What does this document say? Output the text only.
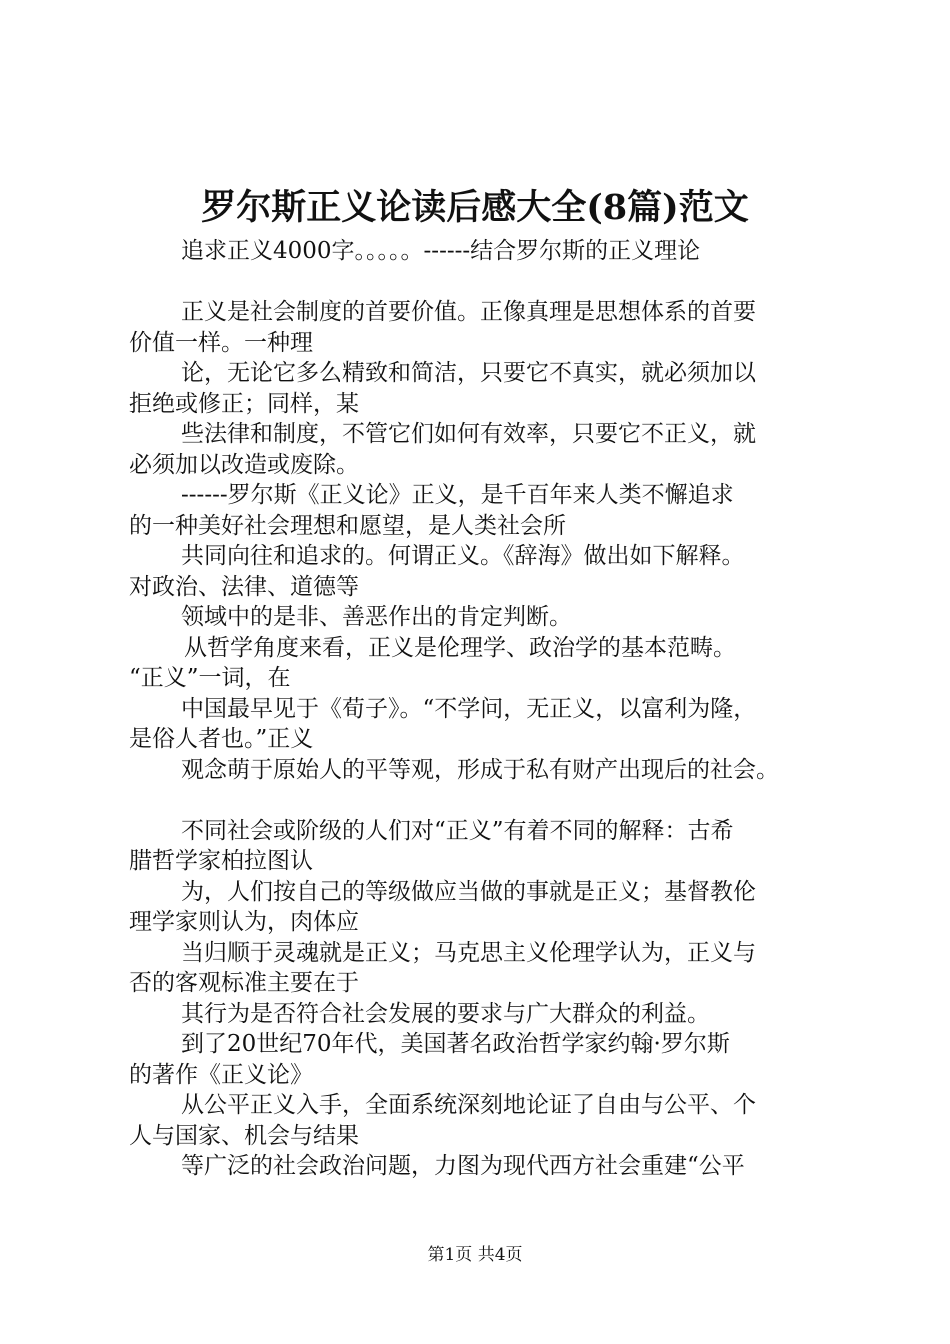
罗尔斯正义论读后感大全(8篇)范文
追求正义4000字。。。。。------结合罗尔斯的正义理论
正义是社会制度的首要价值。正像真理是思想体系的首要
价值一样。一种理
论，无论它多么精致和简洁，只要它不真实，就必须加以
拒绝或修正；同样，某
些法律和制度，不管它们如何有效率，只要它不正义，就
必须加以改造或废除。
------罗尔斯《正义论》正义，是千百年来人类不懈追求
的一种美好社会理想和愿望，是人类社会所
共同向往和追求的。何谓正义。《辞海》做出如下解释。
对政治、法律、道德等
领域中的是非、善恶作出的肯定判断。
从哲学角度来看，正义是伦理学、政治学的基本范畴。
“正义”一词，在
中国最早见于《荀子》。“不学问，无正义，以富利为隆，
是俗人者也。”正义
观念萌于原始人的平等观，形成于私有财产出现后的社会。
不同社会或阶级的人们对“正义”有着不同的解释：古希
腊哲学家柏拉图认
为，人们按自己的等级做应当做的事就是正义；基督教伦
理学家则认为，肉体应
当归顺于灵魂就是正义；马克思主义伦理学认为，正义与
否的客观标准主要在于
其行为是否符合社会发展的要求与广大群众的利益。
到了20世纪70年代，美国著名政治哲学家约翰·罗尔斯
的著作《正义论》
从公平正义入手，全面系统深刻地论证了自由与公平、个
人与国家、机会与结果
等广泛的社会政治问题，力图为现代西方社会重建“公平
第1页 共4页
